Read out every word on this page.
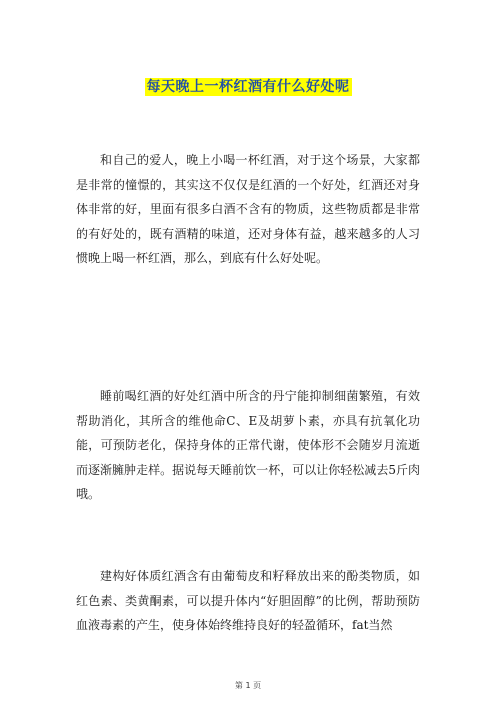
每天晚上一杯红酒有什么好处呢

和自己的爱人，晚上小喝一杯红酒，对于这个场景，大家都是非常的憧憬的，其实这不仅仅是红酒的一个好处，红酒还对身体非常的好，里面有很多白酒不含有的物质，这些物质都是非常的有好处的，既有酒精的味道，还对身体有益，越来越多的人习惯晚上喝一杯红酒，那么，到底有什么好处呢。

睡前喝红酒的好处红酒中所含的丹宁能抑制细菌繁殖，有效帮助消化，其所含的维他命C、E及胡萝卜素，亦具有抗氧化功能，可预防老化，保持身体的正常代谢，使体形不会随岁月流逝而逐渐臃肿走样。据说每天睡前饮一杯，可以让你轻松减去5斤肉哦。

建构好体质红酒含有由葡萄皮和籽释放出来的酚类物质，如红色素、类黄酮素，可以提升体内“好胆固醇”的比例，帮助预防血液毒素的产生，使身体始终维持良好的轻盈循环，fat当然

第 1 页
